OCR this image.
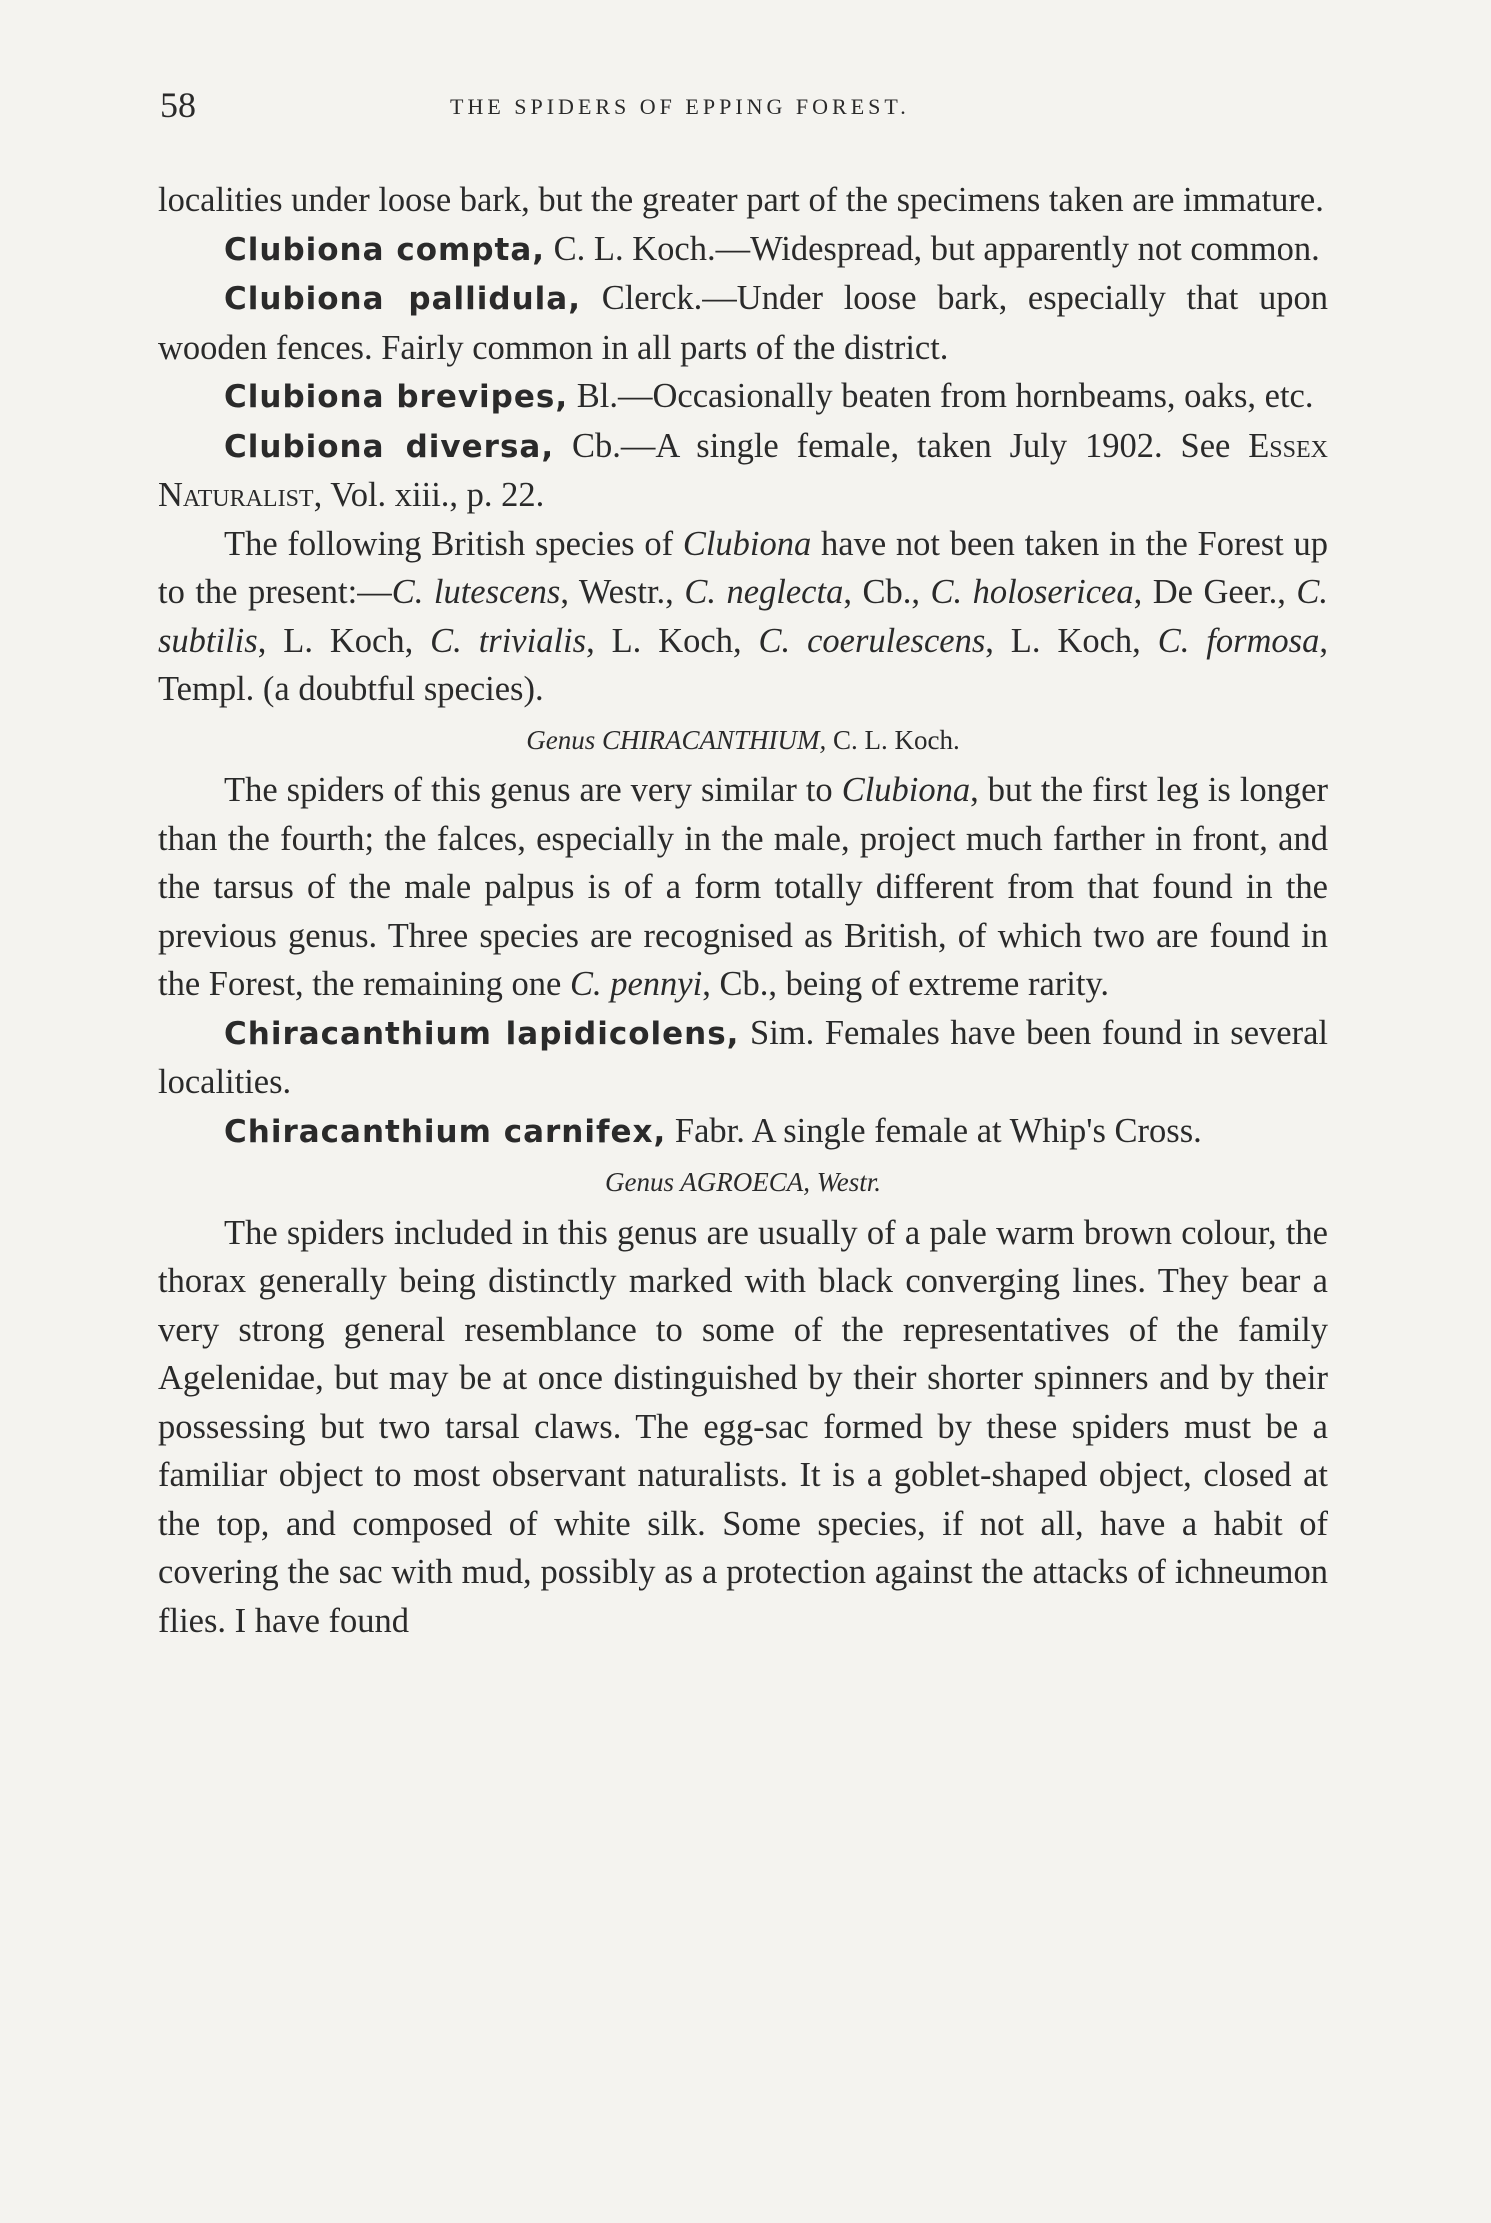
58	THE SPIDERS OF EPPING FOREST.

localities under loose bark, but the greater part of the specimens taken are immature.

Clubiona compta, C. L. Koch.—Widespread, but apparently not common.

Clubiona pallidula, Clerck.—Under loose bark, especially that upon wooden fences. Fairly common in all parts of the district.

Clubiona brevipes, Bl.—Occasionally beaten from hornbeams, oaks, etc.

Clubiona diversa, Cb.—A single female, taken July 1902. See Essex Naturalist, Vol. xiii., p. 22.

The following British species of Clubiona have not been taken in the Forest up to the present:—C. lutescens, Westr., C. neglecta, Cb., C. holosericea, De Geer., C. subtilis, L. Koch, C. trivialis, L. Koch, C. coerulescens, L. Koch, C. formosa, Templ. (a doubtful species).

Genus CHIRACANTHIUM, C. L. Koch.

The spiders of this genus are very similar to Clubiona, but the first leg is longer than the fourth; the falces, especially in the male, project much farther in front, and the tarsus of the male palpus is of a form totally different from that found in the previous genus. Three species are recognised as British, of which two are found in the Forest, the remaining one C. pennyi, Cb., being of extreme rarity.

Chiracanthium lapidicolens, Sim. Females have been found in several localities.

Chiracanthium carnifex, Fabr. A single female at Whip's Cross.

Genus AGROECA, Westr.

The spiders included in this genus are usually of a pale warm brown colour, the thorax generally being distinctly marked with black converging lines. They bear a very strong general resemblance to some of the representatives of the family Agelenidae, but may be at once distinguished by their shorter spinners and by their possessing but two tarsal claws. The egg-sac formed by these spiders must be a familiar object to most observant naturalists. It is a goblet-shaped object, closed at the top, and composed of white silk. Some species, if not all, have a habit of covering the sac with mud, possibly as a protection against the attacks of ichneumon flies. I have found
